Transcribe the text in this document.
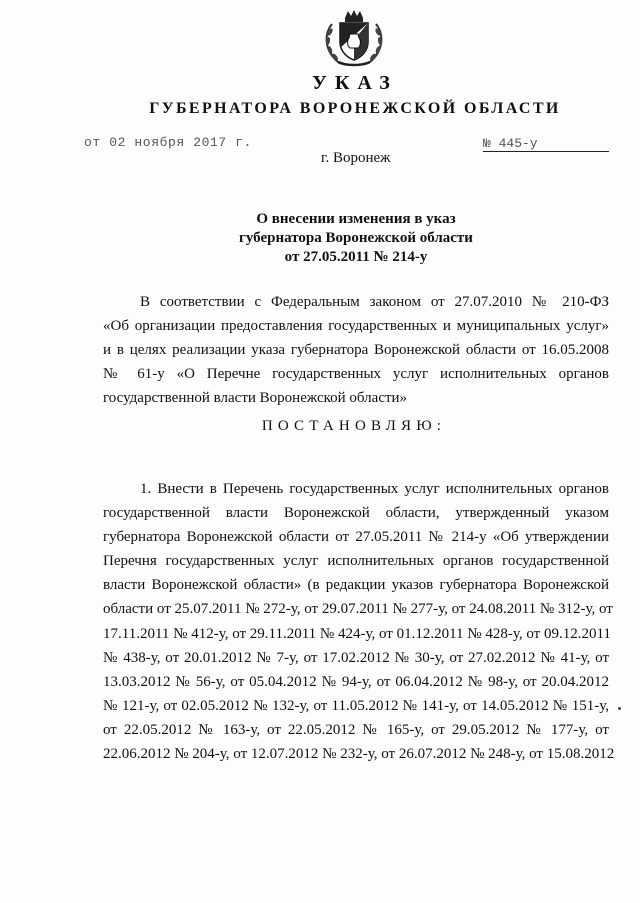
УКАЗ
ГУБЕРНАТОРА ВОРОНЕЖСКОЙ ОБЛАСТИ
от 02 ноября 2017 г.	№ 445-у
г. Воронеж
О внесении изменения в указ
губернатора Воронежской области
от 27.05.2011 № 214-у
В соответствии с Федеральным законом от 27.07.2010 № 210-ФЗ
«Об организации предоставления государственных и муниципальных услуг»
и в целях реализации указа губернатора Воронежской области от 16.05.2008
№ 61-у «О Перечне государственных услуг исполнительных органов
государственной власти Воронежской области»
ПОСТАНОВЛЯЮ:
1. Внести в Перечень государственных услуг исполнительных органов
государственной власти Воронежской области, утвержденный указом
губернатора Воронежской области от 27.05.2011 № 214-у «Об утверждении
Перечня государственных услуг исполнительных органов государственной
власти Воронежской области» (в редакции указов губернатора Воронежской
области от 25.07.2011 № 272-у, от 29.07.2011 № 277-у, от 24.08.2011 № 312-у, от
17.11.2011 № 412-у, от 29.11.2011 № 424-у, от 01.12.2011 № 428-у, от 09.12.2011
№ 438-у, от 20.01.2012 № 7-у, от 17.02.2012 № 30-у, от 27.02.2012 № 41-у, от
13.03.2012 № 56-у, от 05.04.2012 № 94-у, от 06.04.2012 № 98-у, от 20.04.2012
№ 121-у, от 02.05.2012 № 132-у, от 11.05.2012 № 141-у, от 14.05.2012 № 151-у,
от 22.05.2012 № 163-у, от 22.05.2012 № 165-у, от 29.05.2012 № 177-у, от
22.06.2012 № 204-у, от 12.07.2012 № 232-у, от 26.07.2012 № 248-у, от 15.08.2012
